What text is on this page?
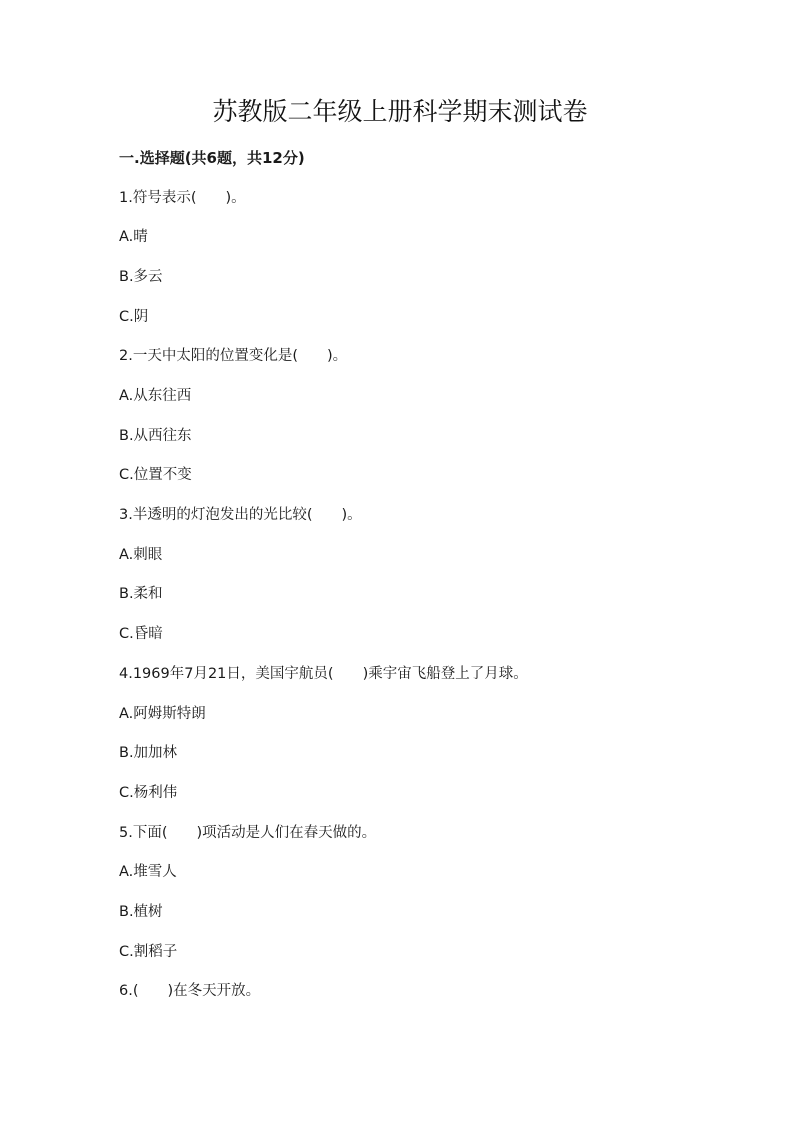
苏教版二年级上册科学期末测试卷
一.选择题(共6题，共12分)
1.符号表示(　　)。
A.晴
B.多云
C.阴
2.一天中太阳的位置变化是(　　)。
A.从东往西
B.从西往东
C.位置不变
3.半透明的灯泡发出的光比较(　　)。
A.刺眼
B.柔和
C.昏暗
4.1969年7月21日，美国宇航员(　　)乘宇宙飞船登上了月球。
A.阿姆斯特朗
B.加加林
C.杨利伟
5.下面(　　)项活动是人们在春天做的。
A.堆雪人
B.植树
C.割稻子
6.(　　)在冬天开放。
